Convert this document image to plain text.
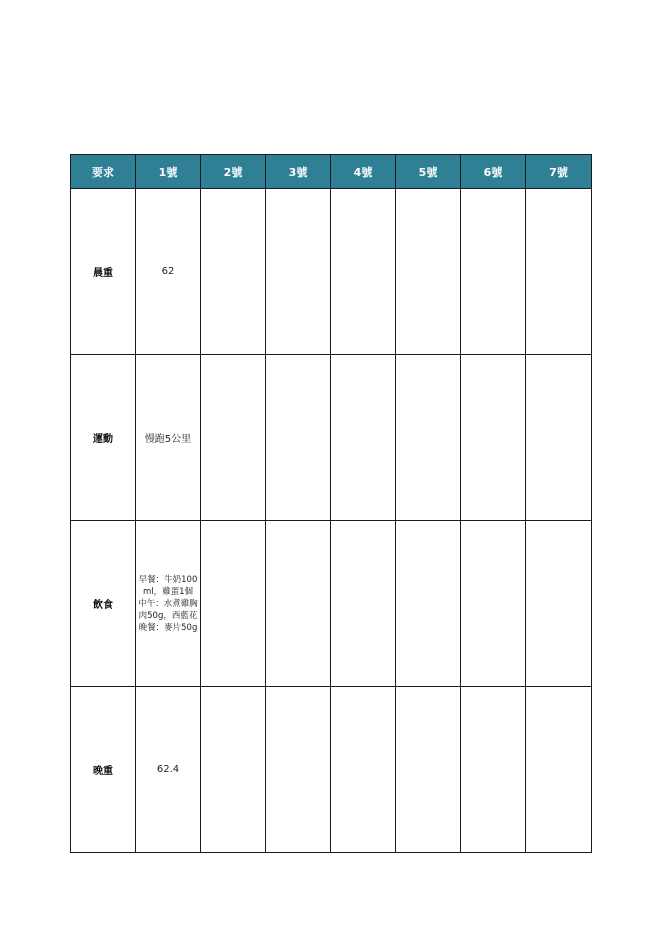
要求	1號	2號	3號	4號	5號	6號	7號
晨重	62						
運動	慢跑5公里						
飲食	早餐：牛奶100ml，雞蛋1個
中午：水煮雞胸肉50g，西藍花
晚餐：麥片50g						

晚重	62.4						
